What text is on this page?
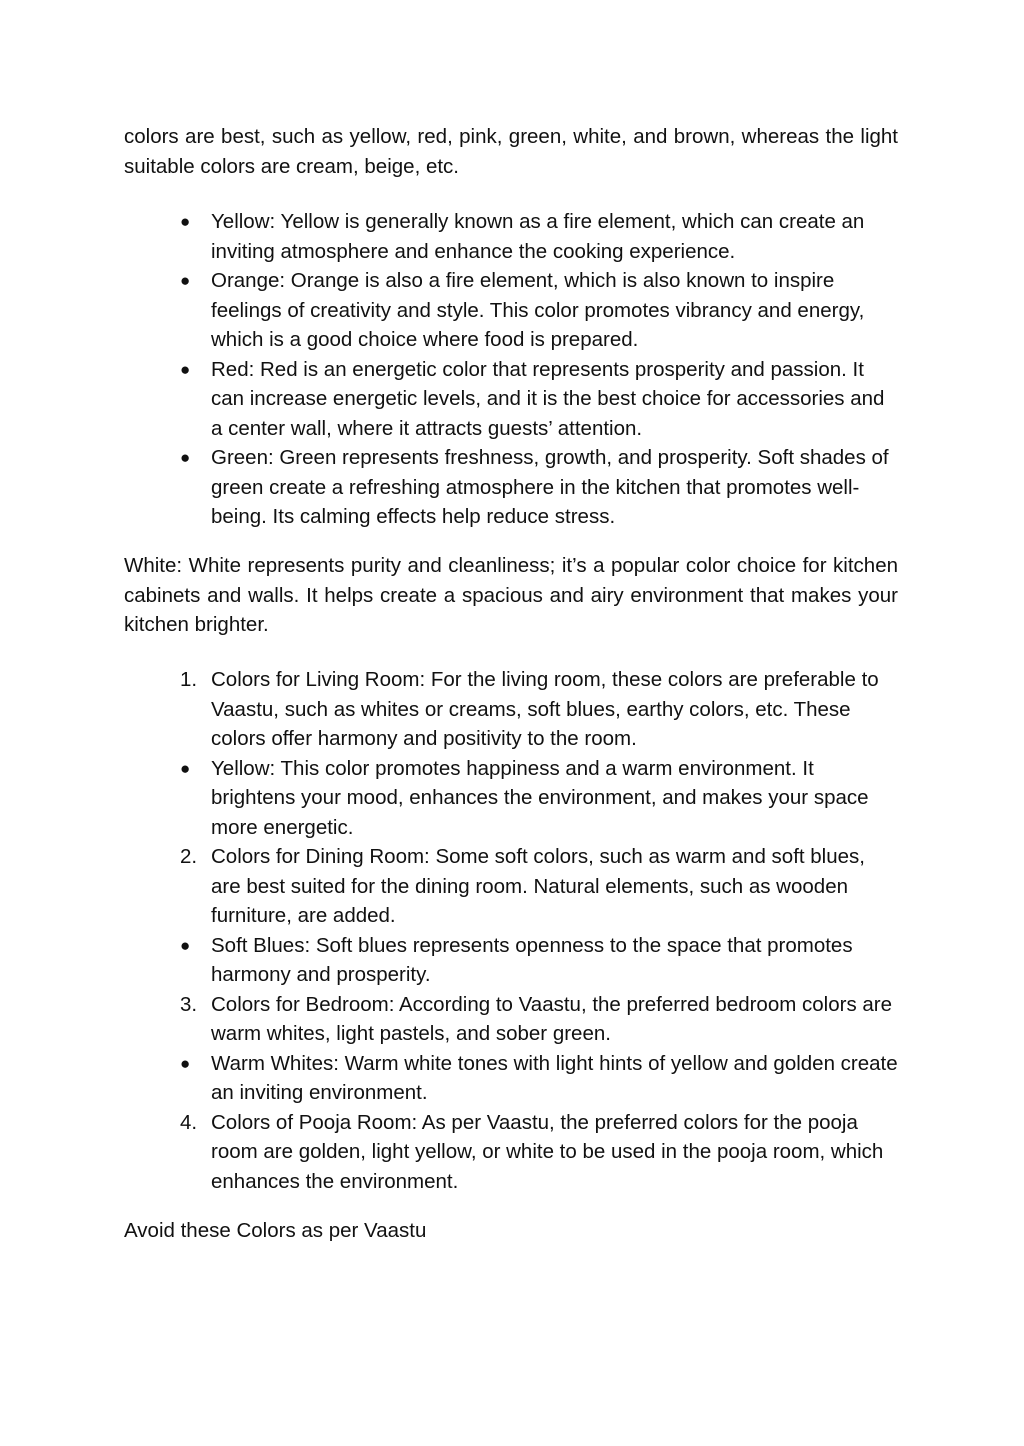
colors are best, such as yellow, red, pink, green, white, and brown, whereas the light suitable colors are cream, beige, etc.

●	Yellow: Yellow is generally known as a fire element, which can create an inviting atmosphere and enhance the cooking experience.
●	Orange: Orange is also a fire element, which is also known to inspire feelings of creativity and style. This color promotes vibrancy and energy, which is a good choice where food is prepared.
●	Red: Red is an energetic color that represents prosperity and passion. It can increase energetic levels, and it is the best choice for accessories and a center wall, where it attracts guests’ attention.
●	Green: Green represents freshness, growth, and prosperity. Soft shades of green create a refreshing atmosphere in the kitchen that promotes well-being. Its calming effects help reduce stress.

White: White represents purity and cleanliness; it’s a popular color choice for kitchen cabinets and walls. It helps create a spacious and airy environment that makes your kitchen brighter.

1. Colors for Living Room: For the living room, these colors are preferable to Vaastu, such as whites or creams, soft blues, earthy colors, etc. These colors offer harmony and positivity to the room.
●	Yellow: This color promotes happiness and a warm environment. It brightens your mood, enhances the environment, and makes your space more energetic.
2. Colors for Dining Room: Some soft colors, such as warm and soft blues, are best suited for the dining room. Natural elements, such as wooden furniture, are added.
●	Soft Blues: Soft blues represents openness to the space that promotes harmony and prosperity.
3. Colors for Bedroom: According to Vaastu, the preferred bedroom colors are warm whites, light pastels, and sober green.
●	Warm Whites: Warm white tones with light hints of yellow and golden create an inviting environment.
4. Colors of Pooja Room: As per Vaastu, the preferred colors for the pooja room are golden, light yellow, or white to be used in the pooja room, which enhances the environment.

Avoid these Colors as per Vaastu
